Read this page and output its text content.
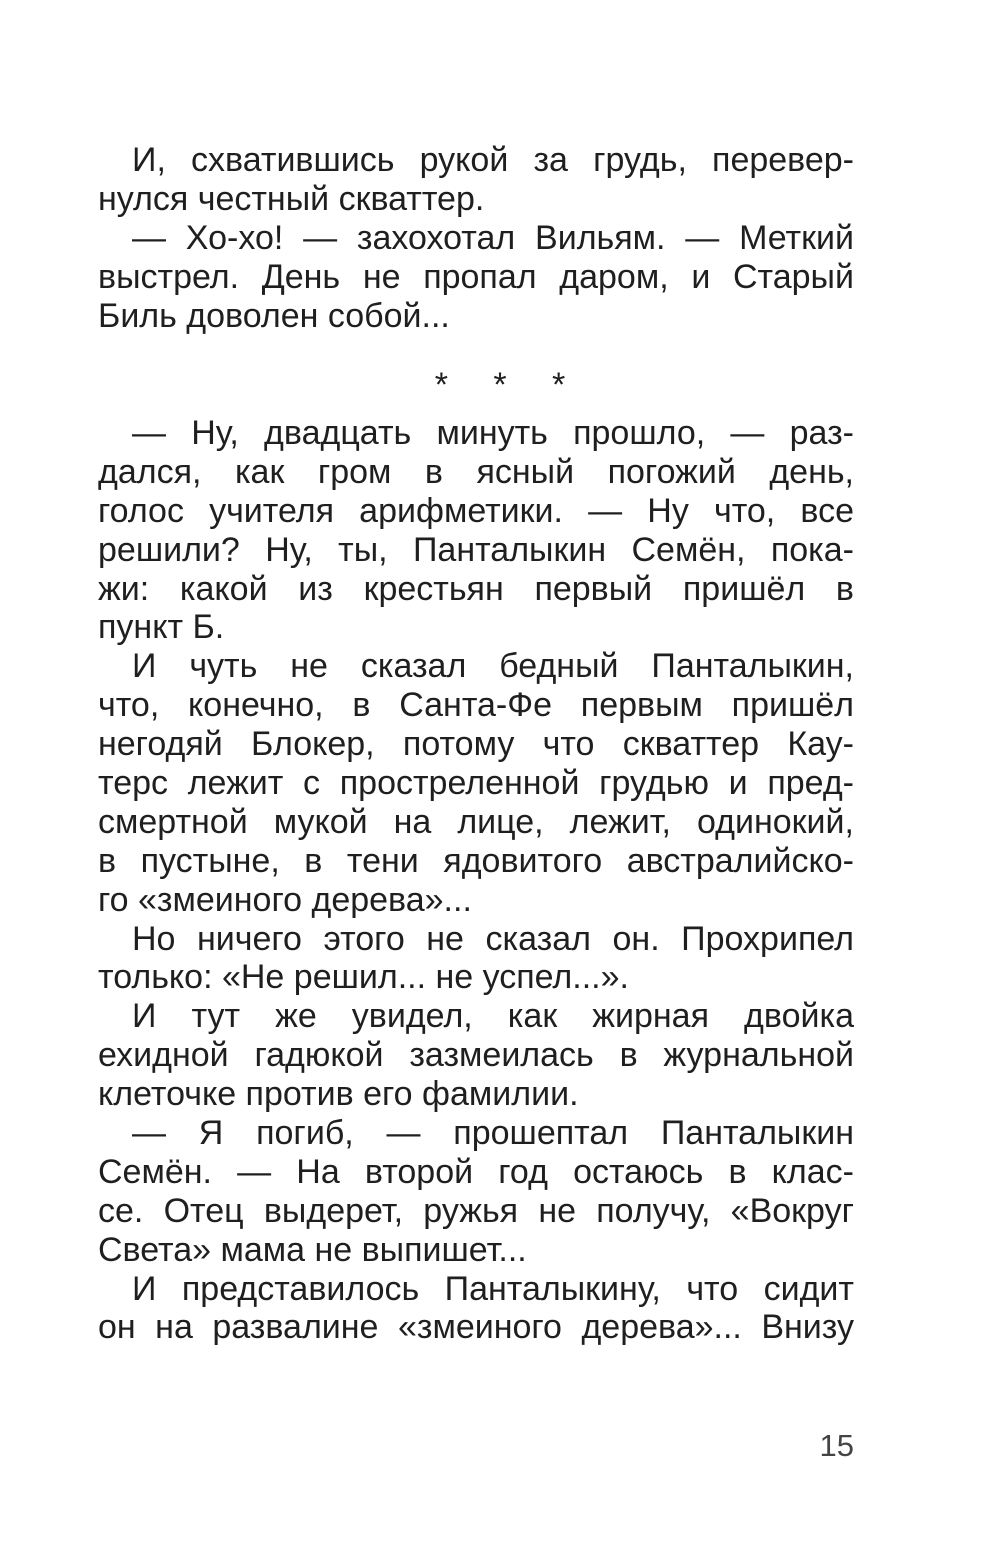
И, схватившись рукой за грудь, перевер-
нулся честный скваттер.
— Хо-хо! — захохотал Вильям. — Меткий
выстрел. День не пропал даром, и Старый
Биль доволен собой...
* * *
— Ну, двадцать минуть прошло, — раз-
дался, как гром в ясный погожий день,
голос учителя арифметики. — Ну что, все
решили? Ну, ты, Панталыкин Семён, пока-
жи: какой из крестьян первый пришёл в
пункт Б.
И чуть не сказал бедный Панталыкин,
что, конечно, в Санта-Фе первым пришёл
негодяй Блокер, потому что скваттер Кау-
терс лежит с простреленной грудью и пред-
смертной мукой на лице, лежит, одинокий,
в пустыне, в тени ядовитого австралийско-
го «змеиного дерева»...
Но ничего этого не сказал он. Прохрипел
только: «Не решил... не успел...».
И тут же увидел, как жирная двойка
ехидной гадюкой зазмеилась в журнальной
клеточке против его фамилии.
— Я погиб, — прошептал Панталыкин
Семён. — На второй год остаюсь в клас-
се. Отец выдерет, ружья не получу, «Вокруг
Света» мама не выпишет...
И представилось Панталыкину, что сидит
он на развалине «змеиного дерева»... Внизу
15
